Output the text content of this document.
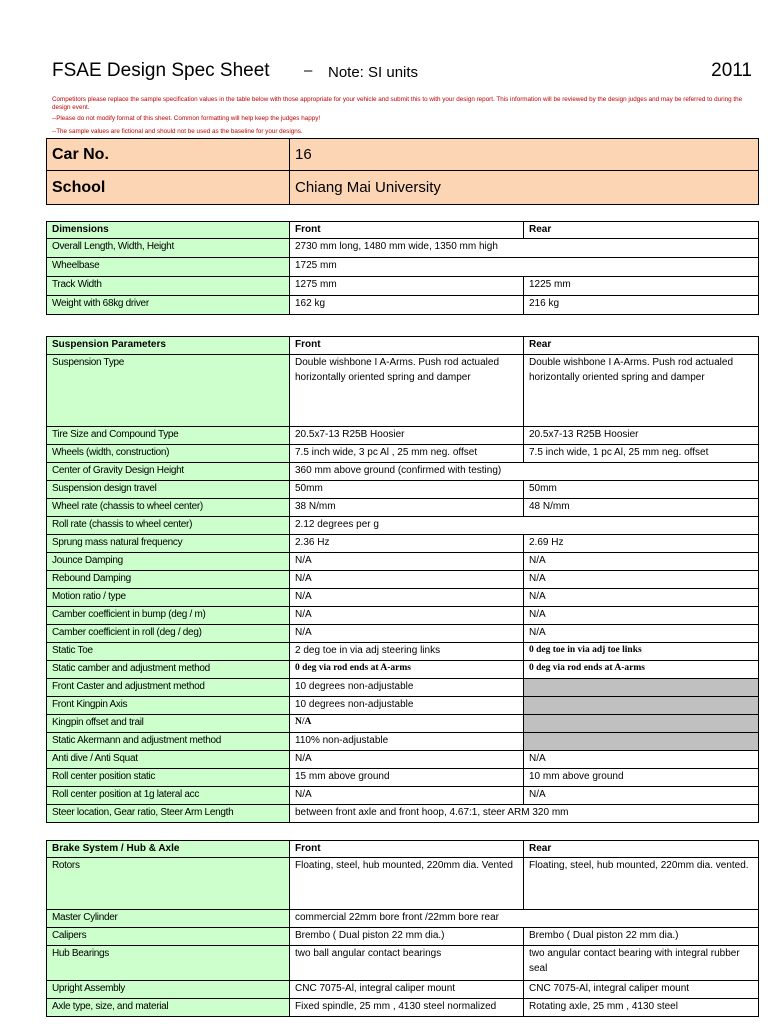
FSAE Design Spec Sheet – Note: SI units	2011
Competitors please replace the sample specification values in the table below with those appropriate for your vehicle and submit this to with your design report. This information will be reviewed by the design judges and may be referred to during the design event.
--Please do not modify format of this sheet. Common formatting will help keep the judges happy!
--The sample values are fictional and should not be used as the baseline for your designs.
Car No.	16
School	Chiang Mai University
Dimensions	Front	Rear
Overall Length, Width, Height	2730 mm long, 1480 mm wide, 1350 mm high	
Wheelbase	1725 mm	
Track Width	1275 mm	1225 mm
Weight with 68kg driver	162 kg	216 kg
Suspension Parameters	Front	Rear
Suspension Type	Double wishbone I A-Arms. Push rod actualed horizontally oriented spring and damper	Double wishbone I A-Arms. Push rod actualed horizontally oriented spring and damper
Tire Size and Compound Type	20.5x7-13 R25B Hoosier	20.5x7-13 R25B Hoosier
Wheels (width, construction)	7.5 inch wide, 3 pc Al , 25 mm neg. offset	7.5 inch wide, 1 pc Al, 25 mm neg. offset
Center of Gravity Design Height	360 mm above ground (confirmed with testing)	
Suspension design travel	50mm	50mm
Wheel rate (chassis to wheel center)	38 N/mm	48 N/mm
Roll rate (chassis to wheel center)	2.12 degrees per g	
Sprung mass natural frequency	2.36 Hz	2.69 Hz
Jounce Damping	N/A	N/A
Rebound Damping	N/A	N/A
Motion ratio / type	N/A	N/A
Camber coefficient in bump (deg / m)	N/A	N/A
Camber coefficient in roll (deg / deg)	N/A	N/A
Static Toe	2 deg toe in via adj steering links	0 deg toe in via adj toe links
Static camber and adjustment method	0 deg via rod ends at A-arms	0 deg via rod ends at A-arms
Front Caster and adjustment method	10 degrees non-adjustable	
Front Kingpin Axis	10 degrees non-adjustable	
Kingpin offset and trail	N/A	
Static Akermann and adjustment method	110% non-adjustable	
Anti dive / Anti Squat	N/A	N/A
Roll center position static	15 mm above ground	10 mm above ground
Roll center position at 1g lateral acc	N/A	N/A
Steer location, Gear ratio, Steer Arm Length	between front axle and front hoop, 4.67:1, steer ARM 320 mm	
Brake System / Hub & Axle	Front	Rear
Rotors	Floating, steel, hub mounted, 220mm dia. Vented	Floating, steel, hub mounted, 220mm dia. vented.
Master Cylinder	commercial 22mm bore front /22mm bore rear	
Calipers	Brembo ( Dual piston 22 mm dia.)	Brembo ( Dual piston 22 mm dia.)
Hub Bearings	two ball angular contact bearings	two angular contact bearing with integral rubber seal
Upright Assembly	CNC 7075-Al, integral caliper mount	CNC 7075-Al, integral caliper mount
Axle type, size, and material	Fixed spindle, 25 mm , 4130 steel normalized	Rotating axle, 25 mm , 4130 steel
